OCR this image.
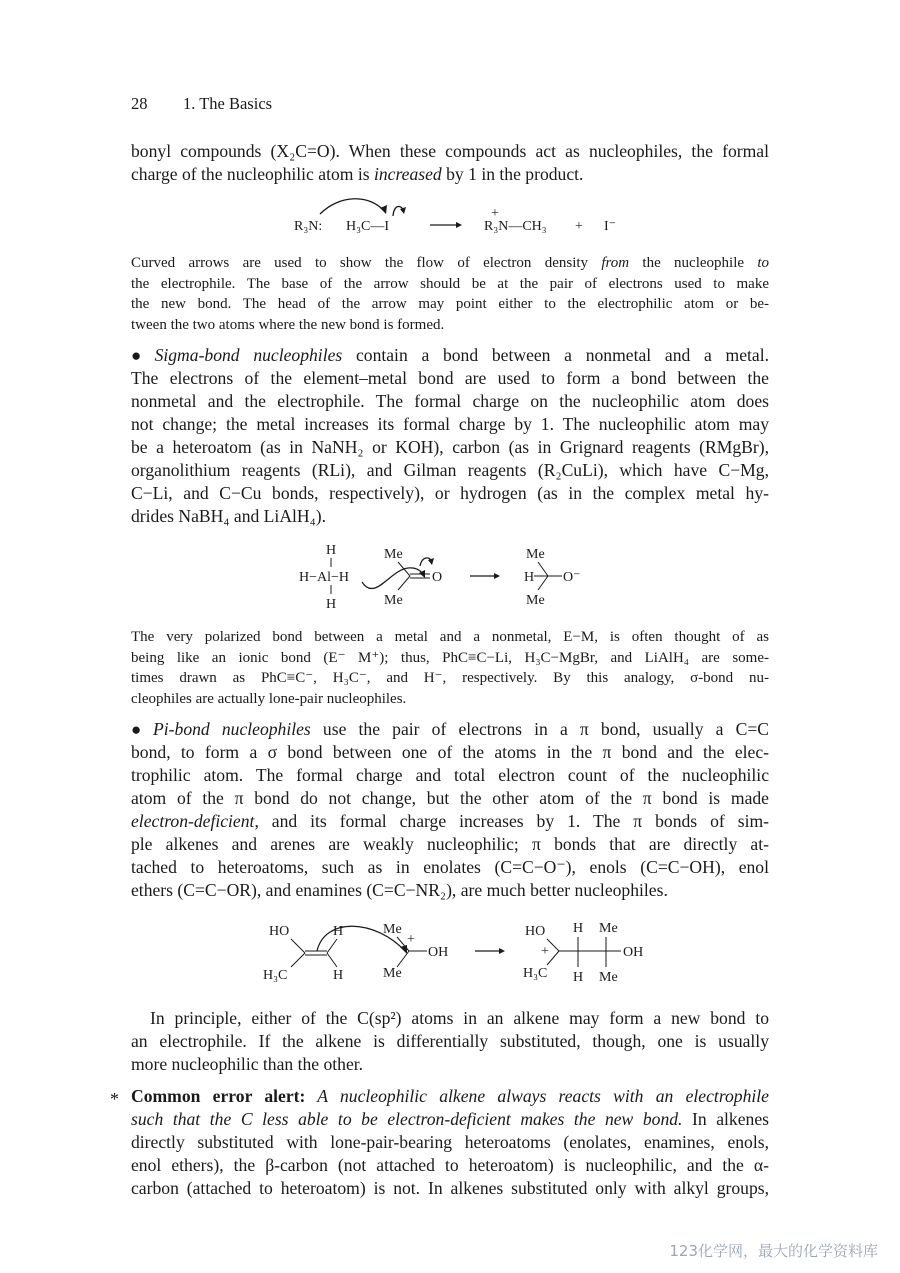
28 1. The Basics
bonyl compounds (X₂C=O). When these compounds act as nucleophiles, the formal
charge of the nucleophilic atom is increased by 1 in the product.
R₃N: H₃C—I
+
R₃N—CH₃ + I⁻
Curved arrows are used to show the flow of electron density from the nucleophile to
the electrophile. The base of the arrow should be at the pair of electrons used to make
the new bond. The head of the arrow may point either to the electrophilic atom or be-
tween the two atoms where the new bond is formed.
● Sigma-bond nucleophiles contain a bond between a nonmetal and a metal.
The electrons of the element–metal bond are used to form a bond between the
nonmetal and the electrophile. The formal charge on the nucleophilic atom does
not change; the metal increases its formal charge by 1. The nucleophilic atom may
be a heteroatom (as in NaNH₂ or KOH), carbon (as in Grignard reagents (RMgBr),
organolithium reagents (RLi), and Gilman reagents (R₂CuLi), which have C−Mg,
C−Li, and C−Cu bonds, respectively), or hydrogen (as in the complex metal hy-
drides NaBH₄ and LiAlH₄).
H
H−Al−H
H
Me
O
Me
Me
H O⁻
Me
The very polarized bond between a metal and a nonmetal, E−M, is often thought of as
being like an ionic bond (E⁻ M⁺); thus, PhC≡C−Li, H₃C−MgBr, and LiAlH₄ are some-
times drawn as PhC≡C⁻, H₃C⁻, and H⁻, respectively. By this analogy, σ-bond nu-
cleophiles are actually lone-pair nucleophiles.
● Pi-bond nucleophiles use the pair of electrons in a π bond, usually a C=C
bond, to form a σ bond between one of the atoms in the π bond and the elec-
trophilic atom. The formal charge and total electron count of the nucleophilic
atom of the π bond do not change, but the other atom of the π bond is made
electron-deficient, and its formal charge increases by 1. The π bonds of sim-
ple alkenes and arenes are weakly nucleophilic; π bonds that are directly at-
tached to heteroatoms, such as in enolates (C=C−O⁻), enols (C=C−OH), enol
ethers (C=C−OR), and enamines (C=C−NR₂), are much better nucleophiles.
HO	H
H₃C	H
Me
+
OH
Me
HO
+
H Me
OH
H₃C H Me
In principle, either of the C(sp²) atoms in an alkene may form a new bond to
an electrophile. If the alkene is differentially substituted, though, one is usually
more nucleophilic than the other.
* Common error alert: A nucleophilic alkene always reacts with an electrophile
such that the C less able to be electron-deficient makes the new bond. In alkenes
directly substituted with lone-pair-bearing heteroatoms (enolates, enamines, enols,
enol ethers), the β-carbon (not attached to heteroatom) is nucleophilic, and the α-
carbon (attached to heteroatom) is not. In alkenes substituted only with alkyl groups,
123化学网，最大的化学资料库
